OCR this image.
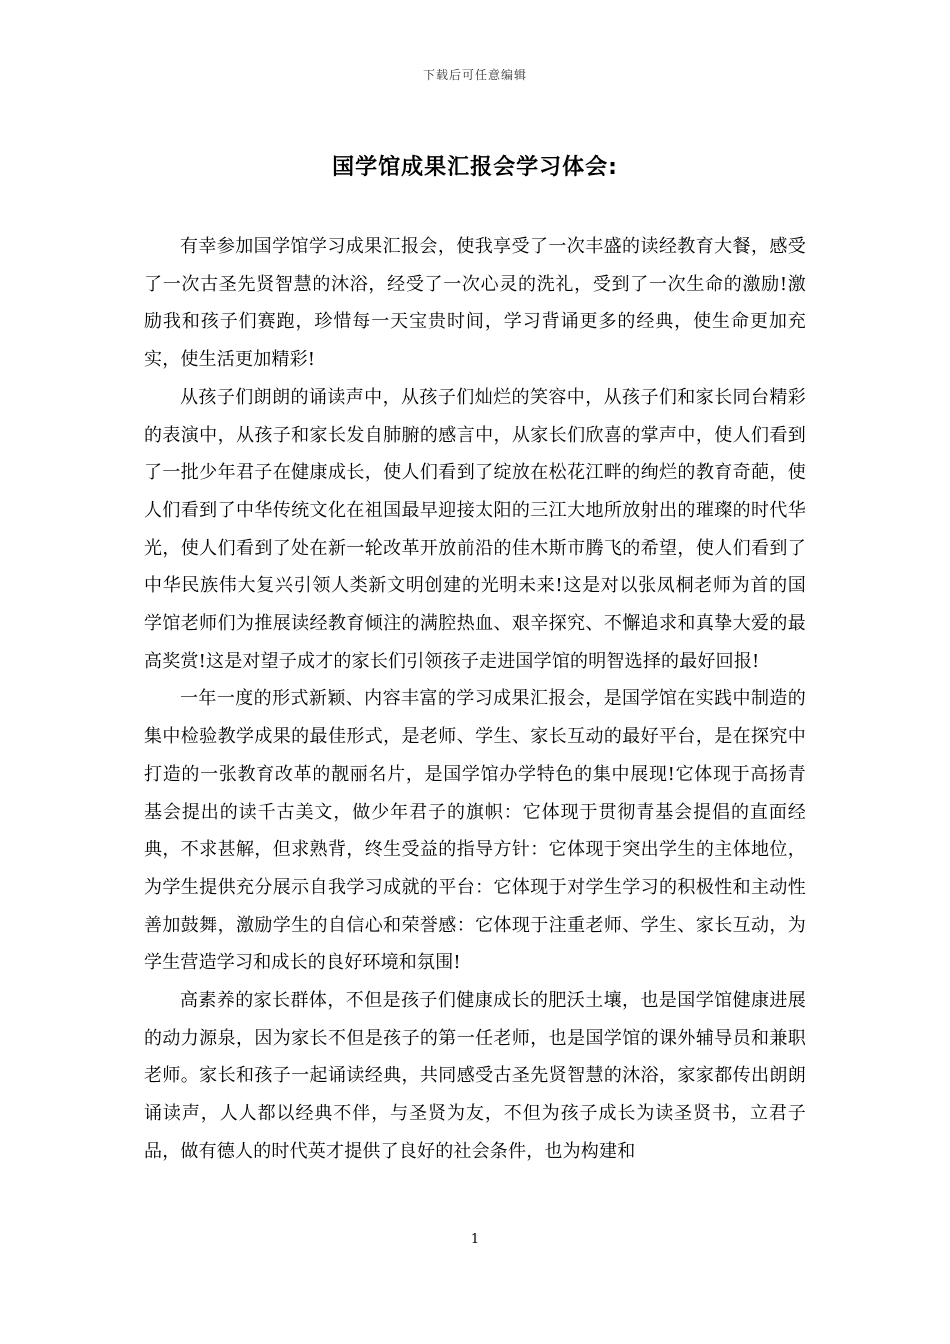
下载后可任意编辑
国学馆成果汇报会学习体会:

有幸参加国学馆学习成果汇报会，使我享受了一次丰盛的读经教育大餐，感受了一次古圣先贤智慧的沐浴，经受了一次心灵的洗礼，受到了一次生命的激励!激励我和孩子们赛跑，珍惜每一天宝贵时间，学习背诵更多的经典，使生命更加充实，使生活更加精彩!

从孩子们朗朗的诵读声中，从孩子们灿烂的笑容中，从孩子们和家长同台精彩的表演中，从孩子和家长发自肺腑的感言中，从家长们欣喜的掌声中，使人们看到了一批少年君子在健康成长，使人们看到了绽放在松花江畔的绚烂的教育奇葩，使人们看到了中华传统文化在祖国最早迎接太阳的三江大地所放射出的璀璨的时代华光，使人们看到了处在新一轮改革开放前沿的佳木斯市腾飞的希望，使人们看到了中华民族伟大复兴引领人类新文明创建的光明未来!这是对以张凤桐老师为首的国学馆老师们为推展读经教育倾注的满腔热血、艰辛探究、不懈追求和真挚大爱的最高奖赏!这是对望子成才的家长们引领孩子走进国学馆的明智选择的最好回报!

一年一度的形式新颖、内容丰富的学习成果汇报会，是国学馆在实践中制造的集中检验教学成果的最佳形式，是老师、学生、家长互动的最好平台，是在探究中打造的一张教育改革的靓丽名片，是国学馆办学特色的集中展现!它体现于高扬青基会提出的读千古美文，做少年君子的旗帜：它体现于贯彻青基会提倡的直面经典，不求甚解，但求熟背，终生受益的指导方针：它体现于突出学生的主体地位，为学生提供充分展示自我学习成就的平台：它体现于对学生学习的积极性和主动性善加鼓舞，激励学生的自信心和荣誉感：它体现于注重老师、学生、家长互动，为学生营造学习和成长的良好环境和氛围!

高素养的家长群体，不但是孩子们健康成长的肥沃土壤，也是国学馆健康进展的动力源泉，因为家长不但是孩子的第一任老师，也是国学馆的课外辅导员和兼职老师。家长和孩子一起诵读经典，共同感受古圣先贤智慧的沐浴，家家都传出朗朗诵读声，人人都以经典不伴，与圣贤为友，不但为孩子成长为读圣贤书，立君子品，做有德人的时代英才提供了良好的社会条件，也为构建和

1
